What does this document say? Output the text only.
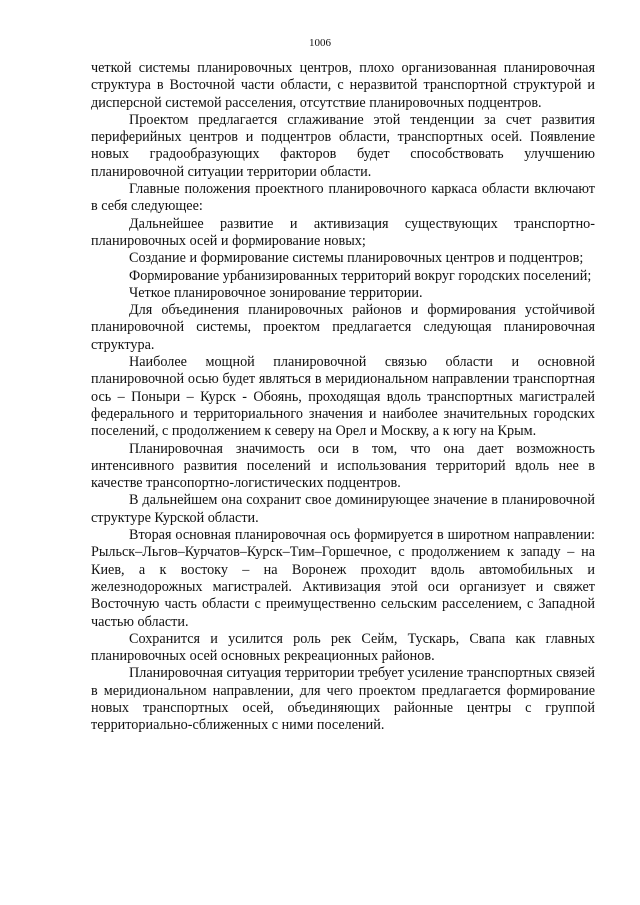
1006

четкой системы планировочных центров, плохо организованная планировочная структура в Восточной части области, с неразвитой транспортной структурой и дисперсной системой расселения, отсутствие планировочных подцентров.

Проектом предлагается сглаживание этой тенденции за счет развития периферийных центров и подцентров области, транспортных осей. Появление новых градообразующих факторов будет способствовать улучшению планировочной ситуации территории области.

Главные положения проектного планировочного каркаса области включают в себя следующее:

Дальнейшее развитие и активизация существующих транспортно-планировочных осей и формирование новых;

Создание и формирование системы планировочных центров и подцентров;

Формирование урбанизированных территорий вокруг городских поселений;

Четкое планировочное зонирование территории.

Для объединения планировочных районов и формирования устойчивой планировочной системы, проектом предлагается следующая планировочная структура.

Наиболее мощной планировочной связью области и основной планировочной осью будет являться в меридиональном направлении транспортная ось – Поныри – Курск - Обоянь, проходящая вдоль транспортных магистралей федерального и территориального значения и наиболее значительных городских поселений, с продолжением к северу на Орел и Москву, а к югу на Крым.

Планировочная значимость оси в том, что она дает возможность интенсивного развития поселений и использования территорий вдоль нее в качестве трансопортно-логистических подцентров.

В дальнейшем она сохранит свое доминирующее значение в планировочной структуре Курской области.

Вторая основная планировочная ось формируется в широтном направлении: Рыльск–Льгов–Курчатов–Курск–Тим–Горшечное, с продолжением к западу – на Киев, а к востоку – на Воронеж проходит вдоль автомобильных и железнодорожных магистралей. Активизация этой оси организует и свяжет Восточную часть области с преимущественно сельским расселением, с Западной частью области.

Сохранится и усилится роль рек Сейм, Тускарь, Свапа как главных планировочных осей основных рекреационных районов.

Планировочная ситуация территории требует усиление транспортных связей в меридиональном направлении, для чего проектом предлагается формирование новых транспортных осей, объединяющих районные центры с группой территориально-сближенных с ними поселений.
